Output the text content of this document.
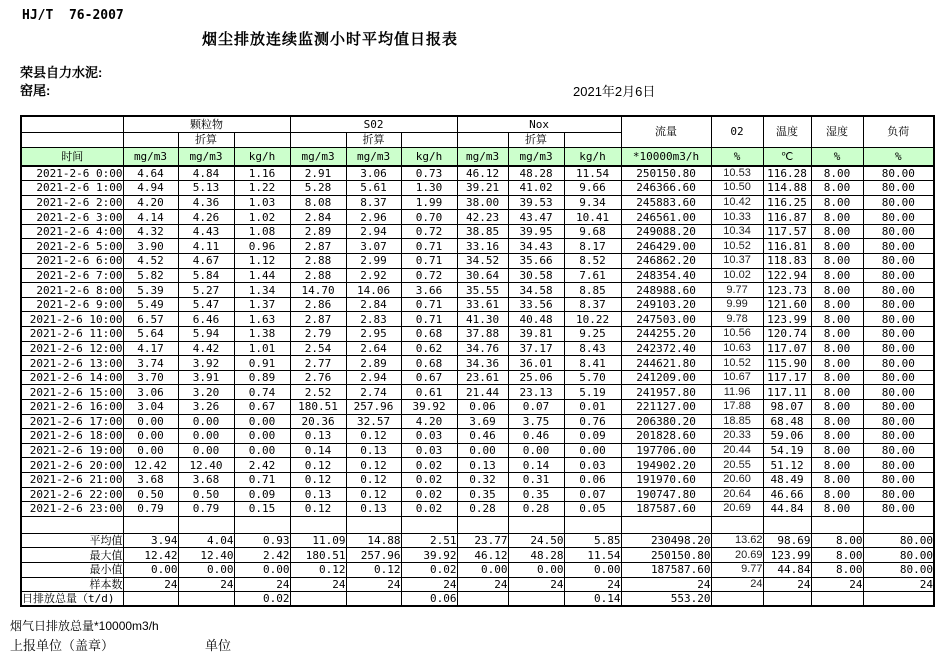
HJ/T  76-2007
烟尘排放连续监测小时平均值日报表
荣县自力水泥:
窑尾:	2021年2月6日
	颗粒物			S02			Nox			流量	02	温度	湿度	负荷
		折算			折算			折算						
时间	mg/m3	mg/m3	kg/h	mg/m3	mg/m3	kg/h	mg/m3	mg/m3	kg/h	*10000m3/h	%	℃	%	%
2021-2-6 0:00	4.64	4.84	1.16	2.91	3.06	0.73	46.12	48.28	11.54	250150.80	10.53	116.28	8.00	80.00
2021-2-6 1:00	4.94	5.13	1.22	5.28	5.61	1.30	39.21	41.02	9.66	246366.60	10.50	114.88	8.00	80.00
2021-2-6 2:00	4.20	4.36	1.03	8.08	8.37	1.99	38.00	39.53	9.34	245883.60	10.42	116.25	8.00	80.00
2021-2-6 3:00	4.14	4.26	1.02	2.84	2.96	0.70	42.23	43.47	10.41	246561.00	10.33	116.87	8.00	80.00
2021-2-6 4:00	4.32	4.43	1.08	2.89	2.94	0.72	38.85	39.95	9.68	249088.20	10.34	117.57	8.00	80.00
2021-2-6 5:00	3.90	4.11	0.96	2.87	3.07	0.71	33.16	34.43	8.17	246429.00	10.52	116.81	8.00	80.00
2021-2-6 6:00	4.52	4.67	1.12	2.88	2.99	0.71	34.52	35.66	8.52	246862.20	10.37	118.83	8.00	80.00
2021-2-6 7:00	5.82	5.84	1.44	2.88	2.92	0.72	30.64	30.58	7.61	248354.40	10.02	122.94	8.00	80.00
2021-2-6 8:00	5.39	5.27	1.34	14.70	14.06	3.66	35.55	34.58	8.85	248988.60	9.77	123.73	8.00	80.00
2021-2-6 9:00	5.49	5.47	1.37	2.86	2.84	0.71	33.61	33.56	8.37	249103.20	9.99	121.60	8.00	80.00
2021-2-6 10:00	6.57	6.46	1.63	2.87	2.83	0.71	41.30	40.48	10.22	247503.00	9.78	123.99	8.00	80.00
2021-2-6 11:00	5.64	5.94	1.38	2.79	2.95	0.68	37.88	39.81	9.25	244255.20	10.56	120.74	8.00	80.00
2021-2-6 12:00	4.17	4.42	1.01	2.54	2.64	0.62	34.76	37.17	8.43	242372.40	10.63	117.07	8.00	80.00
2021-2-6 13:00	3.74	3.92	0.91	2.77	2.89	0.68	34.36	36.01	8.41	244621.80	10.52	115.90	8.00	80.00
2021-2-6 14:00	3.70	3.91	0.89	2.76	2.94	0.67	23.61	25.06	5.70	241209.00	10.67	117.17	8.00	80.00
2021-2-6 15:00	3.06	3.20	0.74	2.52	2.74	0.61	21.44	23.13	5.19	241957.80	11.96	117.11	8.00	80.00
2021-2-6 16:00	3.04	3.26	0.67	180.51	257.96	39.92	0.06	0.07	0.01	221127.00	17.88	98.07	8.00	80.00
2021-2-6 17:00	0.00	0.00	0.00	20.36	32.57	4.20	3.69	3.75	0.76	206380.20	18.85	68.48	8.00	80.00
2021-2-6 18:00	0.00	0.00	0.00	0.13	0.12	0.03	0.46	0.46	0.09	201828.60	20.33	59.06	8.00	80.00
2021-2-6 19:00	0.00	0.00	0.00	0.14	0.13	0.03	0.00	0.00	0.00	197706.00	20.44	54.19	8.00	80.00
2021-2-6 20:00	12.42	12.40	2.42	0.12	0.12	0.02	0.13	0.14	0.03	194902.20	20.55	51.12	8.00	80.00
2021-2-6 21:00	3.68	3.68	0.71	0.12	0.12	0.02	0.32	0.31	0.06	191970.60	20.60	48.49	8.00	80.00
2021-2-6 22:00	0.50	0.50	0.09	0.13	0.12	0.02	0.35	0.35	0.07	190747.80	20.64	46.66	8.00	80.00
2021-2-6 23:00	0.79	0.79	0.15	0.12	0.13	0.02	0.28	0.28	0.05	187587.60	20.69	44.84	8.00	80.00

平均值	3.94	4.04	0.93	11.09	14.88	2.51	23.77	24.50	5.85	230498.20	13.62	98.69	8.00	80.00
最大值	12.42	12.40	2.42	180.51	257.96	39.92	46.12	48.28	11.54	250150.80	20.69	123.99	8.00	80.00
最小值	0.00	0.00	0.00	0.12	0.12	0.02	0.00	0.00	0.00	187587.60	9.77	44.84	8.00	80.00
样本数	24	24	24	24	24	24	24	24	24	24	24	24	24	24
日排放总量（t/d)			0.02			0.06			0.14	553.20				
烟气日排放总量*10000m3/h
上报单位（盖章）	单位
